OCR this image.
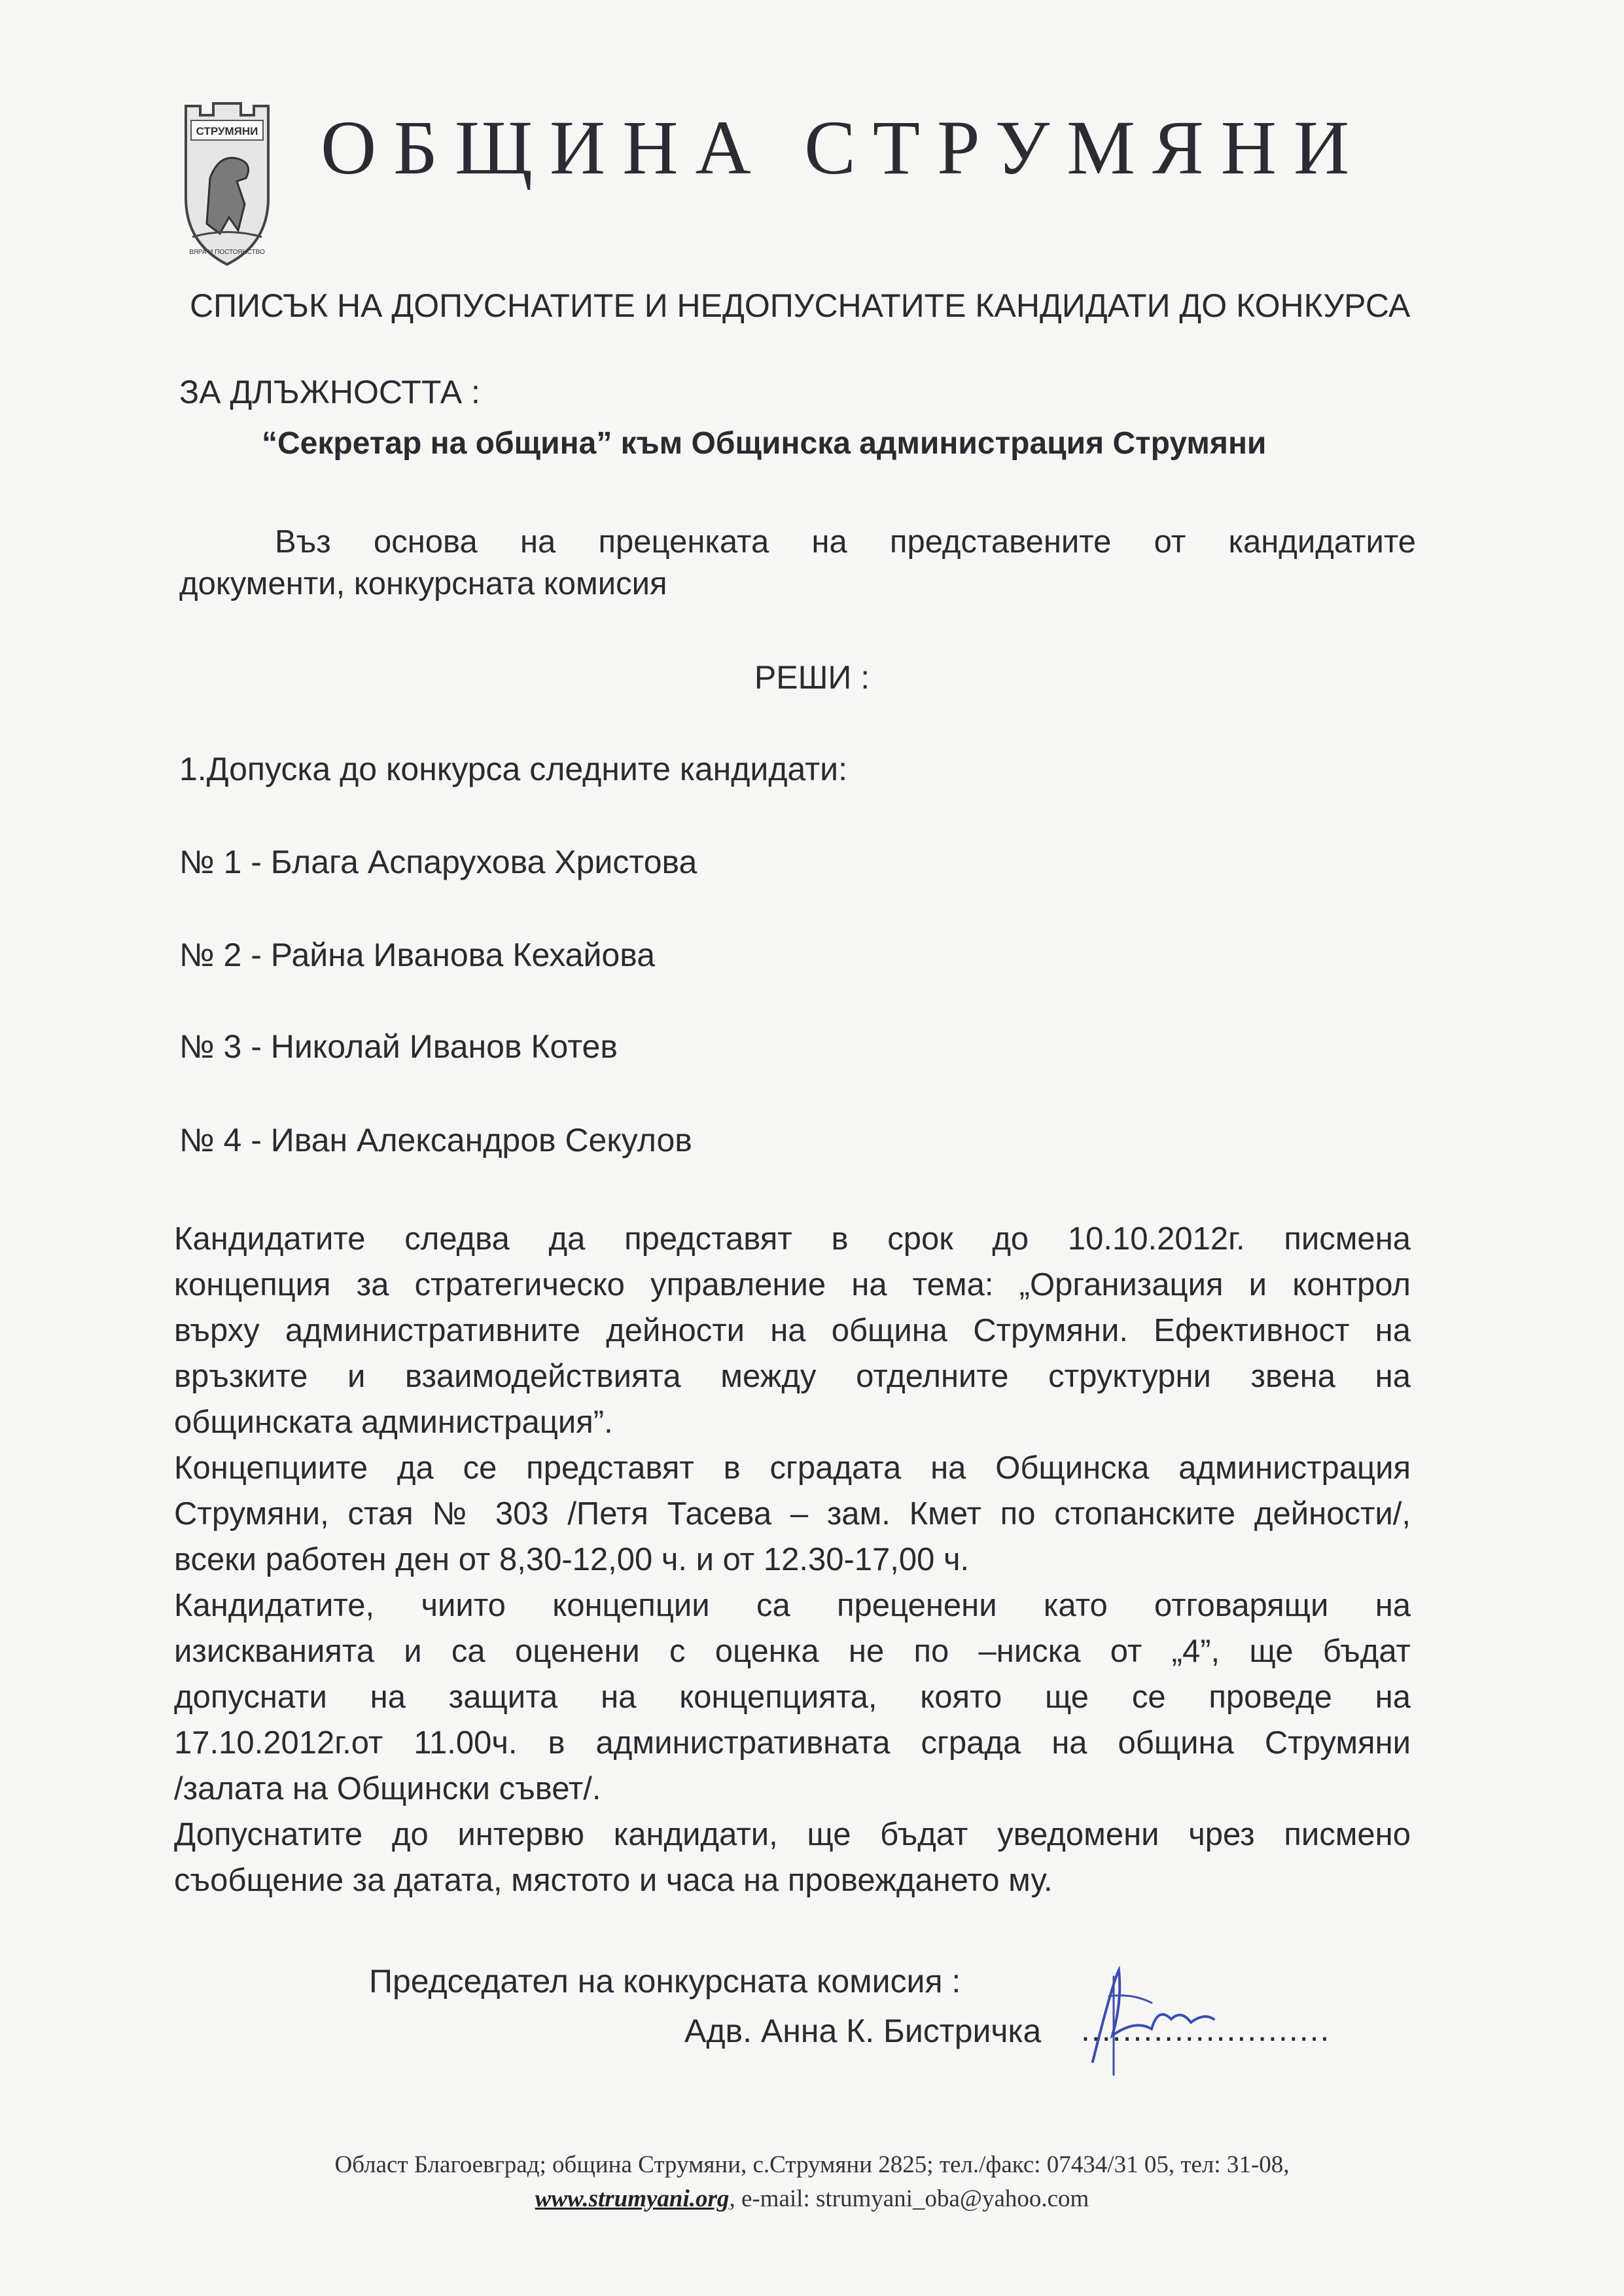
СТРУМЯНИ
ВЯРА И ПОСТОЯНСТВО
ОБЩИНА СТРУМЯНИ
СПИСЪК НА ДОПУСНАТИТЕ И НЕДОПУСНАТИТЕ КАНДИДАТИ ДО КОНКУРСА
ЗА ДЛЪЖНОСТТА :
“Секретар на община” към Общинска администрация Струмяни
Въз основа на преценката на представените от кандидатите
документи, конкурсната комисия
РЕШИ :
1.Допуска до конкурса следните кандидати:
№ 1 - Блага Аспарухова Христова
№ 2 - Райна Иванова Кехайова
№ 3 - Николай Иванов Котев
№ 4 - Иван Александров Секулов
Кандидатите следва да представят в срок до 10.10.2012г. писмена
концепция за стратегическо управление на тема: „Организация и контрол
върху административните дейности на община Струмяни. Ефективност на
връзките и взаимодействията между отделните структурни звена на
общинската администрация”.
Концепциите да се представят в сградата на Общинска администрация
Струмяни, стая № 303 /Петя Тасева – зам. Кмет по стопанските дейности/,
всеки работен ден от 8,30-12,00 ч. и от 12.30-17,00 ч.
Кандидатите, чиито концепции са преценени като отговарящи на
изискванията и са оценени с оценка не по –ниска от „4”, ще бъдат
допуснати на защита на концепцията, която ще се проведе на
17.10.2012г.от 11.00ч. в административната сграда на община Струмяни
/залата на Общински съвет/.
Допуснатите до интервю кандидати, ще бъдат уведомени чрез писмено
съобщение за датата, мястото и часа на провеждането му.
Председател на конкурсната комисия :
Адв. Анна К. Бистричка ........................
Област Благоевград; община Струмяни, с.Струмяни 2825; тел./факс: 07434/31 05, тел: 31-08,
www.strumyani.org, e-mail: strumyani_oba@yahoo.com
